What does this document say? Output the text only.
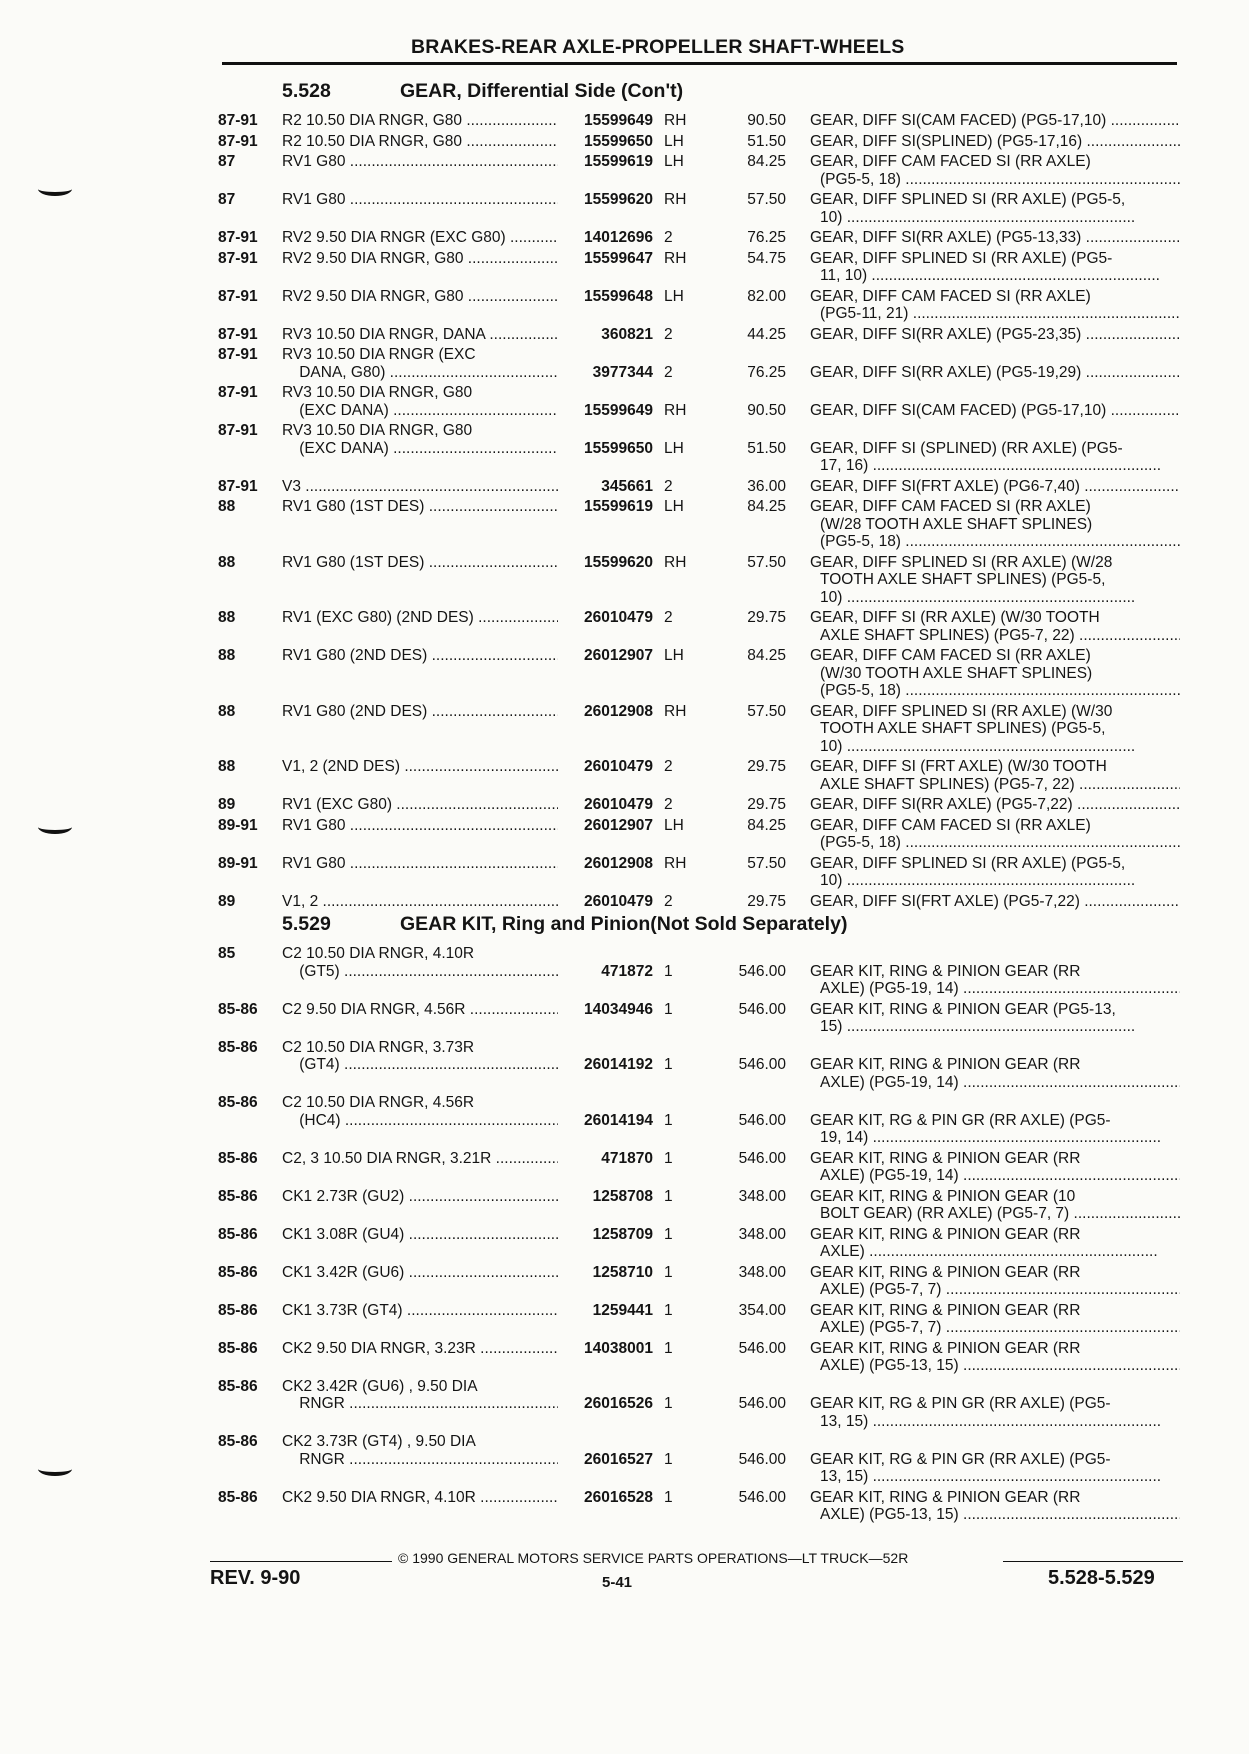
BRAKES-REAR AXLE-PROPELLER SHAFT-WHEELS
5.528	GEAR, Differential Side (Con't)
87-91	R2 10.50 DIA RNGR, G80 .....	15599649 RH	90.50 GEAR, DIFF SI(CAM FACED) (PG5-17,10) .....
87-91	R2 10.50 DIA RNGR, G80 .....	15599650 LH	51.50 GEAR, DIFF SI(SPLINED) (PG5-17,16) .....
87	RV1 G80 .....	15599619 LH	84.25 GEAR, DIFF CAM FACED SI (RR AXLE)
(PG5-5, 18) .....
87	RV1 G80 .....	15599620 RH	57.50 GEAR, DIFF SPLINED SI (RR AXLE) (PG5-5,
10) .....
87-91	RV2 9.50 DIA RNGR (EXC G80) .....	14012696 2	76.25 GEAR, DIFF SI(RR AXLE) (PG5-13,33) .....
87-91	RV2 9.50 DIA RNGR, G80 .....	15599647 RH	54.75 GEAR, DIFF SPLINED SI (RR AXLE) (PG5-
11, 10) .....
87-91	RV2 9.50 DIA RNGR, G80 .....	15599648 LH	82.00 GEAR, DIFF CAM FACED SI (RR AXLE)
(PG5-11, 21) .....
87-91	RV3 10.50 DIA RNGR, DANA .....	360821 2	44.25 GEAR, DIFF SI(RR AXLE) (PG5-23,35) .....
87-91	RV3 10.50 DIA RNGR (EXC
DANA, G80) .....	3977344 2	76.25 GEAR, DIFF SI(RR AXLE) (PG5-19,29) .....
87-91	RV3 10.50 DIA RNGR, G80
(EXC DANA) .....	15599649 RH	90.50 GEAR, DIFF SI(CAM FACED) (PG5-17,10) .....
87-91	RV3 10.50 DIA RNGR, G80
(EXC DANA) .....	15599650 LH	51.50 GEAR, DIFF SI (SPLINED) (RR AXLE) (PG5-
17, 16) .....
87-91	V3 .....	345661 2	36.00 GEAR, DIFF SI(FRT AXLE) (PG6-7,40) .....
88	RV1 G80 (1ST DES) .....	15599619 LH	84.25 GEAR, DIFF CAM FACED SI (RR AXLE)
(W/28 TOOTH AXLE SHAFT SPLINES)
(PG5-5, 18) .....
88	RV1 G80 (1ST DES) .....	15599620 RH	57.50 GEAR, DIFF SPLINED SI (RR AXLE) (W/28
TOOTH AXLE SHAFT SPLINES) (PG5-5,
10) .....
88	RV1 (EXC G80) (2ND DES) .....	26010479 2	29.75 GEAR, DIFF SI (RR AXLE) (W/30 TOOTH
AXLE SHAFT SPLINES) (PG5-7, 22) .....
88	RV1 G80 (2ND DES) .....	26012907 LH	84.25 GEAR, DIFF CAM FACED SI (RR AXLE)
(W/30 TOOTH AXLE SHAFT SPLINES)
(PG5-5, 18) .....
88	RV1 G80 (2ND DES) .....	26012908 RH	57.50 GEAR, DIFF SPLINED SI (RR AXLE) (W/30
TOOTH AXLE SHAFT SPLINES) (PG5-5,
10) .....
88	V1, 2 (2ND DES) .....	26010479 2	29.75 GEAR, DIFF SI (FRT AXLE) (W/30 TOOTH
AXLE SHAFT SPLINES) (PG5-7, 22) .....
89	RV1 (EXC G80) .....	26010479 2	29.75 GEAR, DIFF SI(RR AXLE) (PG5-7,22) .....
89-91	RV1 G80 .....	26012907 LH	84.25 GEAR, DIFF CAM FACED SI (RR AXLE)
(PG5-5, 18) .....
89-91	RV1 G80 .....	26012908 RH	57.50 GEAR, DIFF SPLINED SI (RR AXLE) (PG5-5,
10) .....
89	V1, 2 .....	26010479 2	29.75 GEAR, DIFF SI(FRT AXLE) (PG5-7,22) .....
5.529	GEAR KIT, Ring and Pinion(Not Sold Separately)
85	C2 10.50 DIA RNGR, 4.10R
(GT5) .....	471872 1	546.00 GEAR KIT, RING & PINION GEAR (RR
AXLE) (PG5-19, 14) .....
85-86	C2 9.50 DIA RNGR, 4.56R .....	14034946 1	546.00 GEAR KIT, RING & PINION GEAR (PG5-13,
15) .....
85-86	C2 10.50 DIA RNGR, 3.73R
(GT4) .....	26014192 1	546.00 GEAR KIT, RING & PINION GEAR (RR
AXLE) (PG5-19, 14) .....
85-86	C2 10.50 DIA RNGR, 4.56R
(HC4) .....	26014194 1	546.00 GEAR KIT, RG & PIN GR (RR AXLE) (PG5-
19, 14) .....
85-86	C2, 3 10.50 DIA RNGR, 3.21R .....	471870 1	546.00 GEAR KIT, RING & PINION GEAR (RR
AXLE) (PG5-19, 14) .....
85-86	CK1 2.73R (GU2) .....	1258708 1	348.00 GEAR KIT, RING & PINION GEAR (10
BOLT GEAR) (RR AXLE) (PG5-7, 7) .....
85-86	CK1 3.08R (GU4) .....	1258709 1	348.00 GEAR KIT, RING & PINION GEAR (RR
AXLE) .....
85-86	CK1 3.42R (GU6) .....	1258710 1	348.00 GEAR KIT, RING & PINION GEAR (RR
AXLE) (PG5-7, 7) .....
85-86	CK1 3.73R (GT4) .....	1259441 1	354.00 GEAR KIT, RING & PINION GEAR (RR
AXLE) (PG5-7, 7) .....
85-86	CK2 9.50 DIA RNGR, 3.23R .....	14038001 1	546.00 GEAR KIT, RING & PINION GEAR (RR
AXLE) (PG5-13, 15) .....
85-86	CK2 3.42R (GU6) , 9.50 DIA
RNGR .....	26016526 1	546.00 GEAR KIT, RG & PIN GR (RR AXLE) (PG5-
13, 15) .....
85-86	CK2 3.73R (GT4) , 9.50 DIA
RNGR .....	26016527 1	546.00 GEAR KIT, RG & PIN GR (RR AXLE) (PG5-
13, 15) .....
85-86	CK2 9.50 DIA RNGR, 4.10R .....	26016528 1	546.00 GEAR KIT, RING & PINION GEAR (RR
AXLE) (PG5-13, 15) .....
© 1990 GENERAL MOTORS SERVICE PARTS OPERATIONS—LT TRUCK—52R
REV. 9-90	5-41	5.528-5.529
